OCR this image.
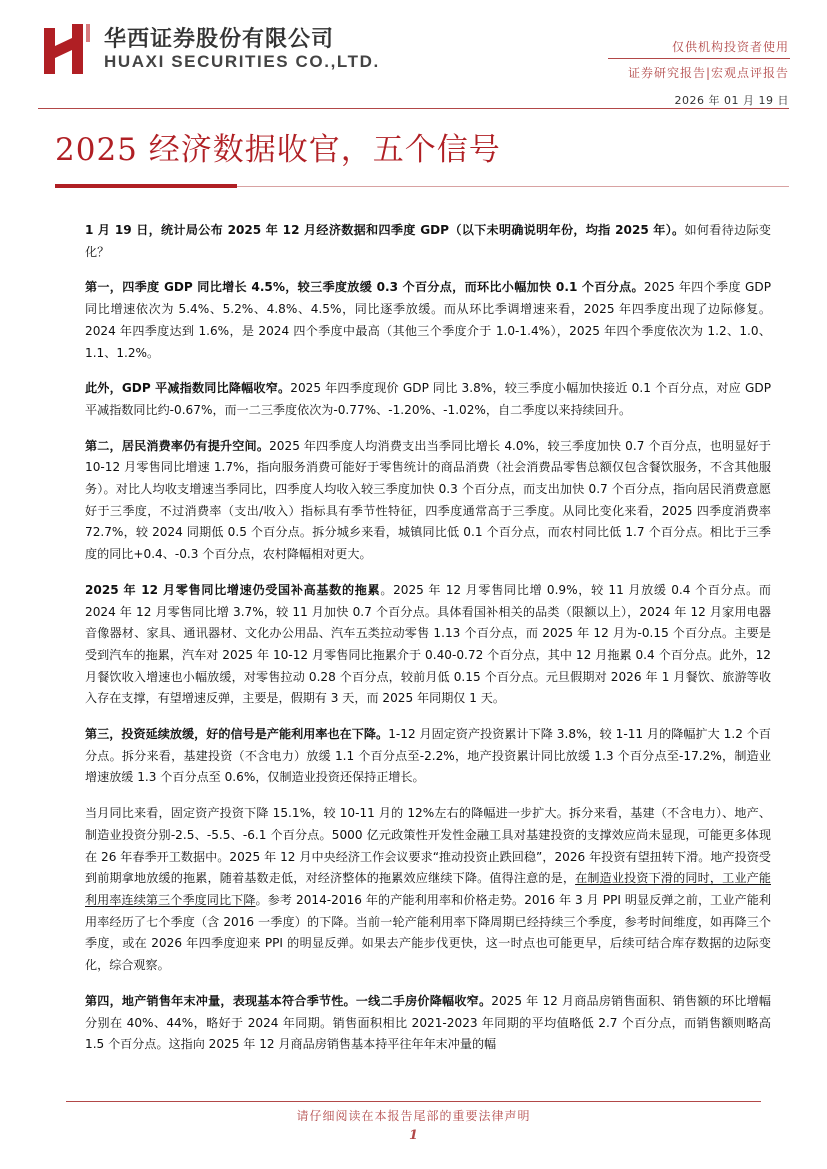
华西证券股份有限公司
HUAXI SECURITIES CO.,LTD.
仅供机构投资者使用
证券研究报告|宏观点评报告
2026 年 01 月 19 日
2025 经济数据收官，五个信号

1 月 19 日，统计局公布 2025 年 12 月经济数据和四季度 GDP（以下未明确说明年份，均指 2025 年）。如何看待边际变化？

第一，四季度 GDP 同比增长 4.5%，较三季度放缓 0.3 个百分点，而环比小幅加快 0.1 个百分点。2025 年四个季度 GDP 同比增速依次为 5.4%、5.2%、4.8%、4.5%，同比逐季放缓。而从环比季调增速来看，2025 年四季度出现了边际修复。2024 年四季度达到 1.6%，是 2024 四个季度中最高（其他三个季度介于 1.0-1.4%），2025 年四个季度依次为 1.2、1.0、1.1、1.2%。

此外，GDP 平减指数同比降幅收窄。2025 年四季度现价 GDP 同比 3.8%，较三季度小幅加快接近 0.1 个百分点，对应 GDP 平减指数同比约-0.67%，而一二三季度依次为-0.77%、-1.20%、-1.02%，自二季度以来持续回升。

第二，居民消费率仍有提升空间。2025 年四季度人均消费支出当季同比增长 4.0%，较三季度加快 0.7 个百分点，也明显好于 10-12 月零售同比增速 1.7%，指向服务消费可能好于零售统计的商品消费（社会消费品零售总额仅包含餐饮服务，不含其他服务）。对比人均收支增速当季同比，四季度人均收入较三季度加快 0.3 个百分点，而支出加快 0.7 个百分点，指向居民消费意愿好于三季度，不过消费率（支出/收入）指标具有季节性特征，四季度通常高于三季度。从同比变化来看，2025 四季度消费率 72.7%，较 2024 同期低 0.5 个百分点。拆分城乡来看，城镇同比低 0.1 个百分点，而农村同比低 1.7 个百分点。相比于三季度的同比+0.4、-0.3 个百分点，农村降幅相对更大。

2025 年 12 月零售同比增速仍受国补高基数的拖累。2025 年 12 月零售同比增 0.9%，较 11 月放缓 0.4 个百分点。而 2024 年 12 月零售同比增 3.7%，较 11 月加快 0.7 个百分点。具体看国补相关的品类（限额以上），2024 年 12 月家用电器音像器材、家具、通讯器材、文化办公用品、汽车五类拉动零售 1.13 个百分点，而 2025 年 12 月为-0.15 个百分点。主要是受到汽车的拖累，汽车对 2025 年 10-12 月零售同比拖累介于 0.40-0.72 个百分点，其中 12 月拖累 0.4 个百分点。此外，12 月餐饮收入增速也小幅放缓，对零售拉动 0.28 个百分点，较前月低 0.15 个百分点。元旦假期对 2026 年 1 月餐饮、旅游等收入存在支撑，有望增速反弹，主要是，假期有 3 天，而 2025 年同期仅 1 天。

第三，投资延续放缓，好的信号是产能利用率也在下降。1-12 月固定资产投资累计下降 3.8%，较 1-11 月的降幅扩大 1.2 个百分点。拆分来看，基建投资（不含电力）放缓 1.1 个百分点至-2.2%，地产投资累计同比放缓 1.3 个百分点至-17.2%，制造业增速放缓 1.3 个百分点至 0.6%，仅制造业投资还保持正增长。

当月同比来看，固定资产投资下降 15.1%，较 10-11 月的 12%左右的降幅进一步扩大。拆分来看，基建（不含电力）、地产、制造业投资分别-2.5、-5.5、-6.1 个百分点。5000 亿元政策性开发性金融工具对基建投资的支撑效应尚未显现，可能更多体现在 26 年春季开工数据中。2025 年 12 月中央经济工作会议要求“推动投资止跌回稳”，2026 年投资有望扭转下滑。地产投资受到前期拿地放缓的拖累，随着基数走低，对经济整体的拖累效应继续下降。值得注意的是，在制造业投资下滑的同时，工业产能利用率连续第三个季度同比下降。参考 2014-2016 年的产能利用率和价格走势。2016 年 3 月 PPI 明显反弹之前，工业产能利用率经历了七个季度（含 2016 一季度）的下降。当前一轮产能利用率下降周期已经持续三个季度，参考时间维度，如再降三个季度，或在 2026 年四季度迎来 PPI 的明显反弹。如果去产能步伐更快，这一时点也可能更早，后续可结合库存数据的边际变化，综合观察。

第四，地产销售年末冲量，表现基本符合季节性。一线二手房价降幅收窄。2025 年 12 月商品房销售面积、销售额的环比增幅分别在 40%、44%，略好于 2024 年同期。销售面积相比 2021-2023 年同期的平均值略低 2.7 个百分点，而销售额则略高 1.5 个百分点。这指向 2025 年 12 月商品房销售基本持平往年年末冲量的幅

请仔细阅读在本报告尾部的重要法律声明
1
